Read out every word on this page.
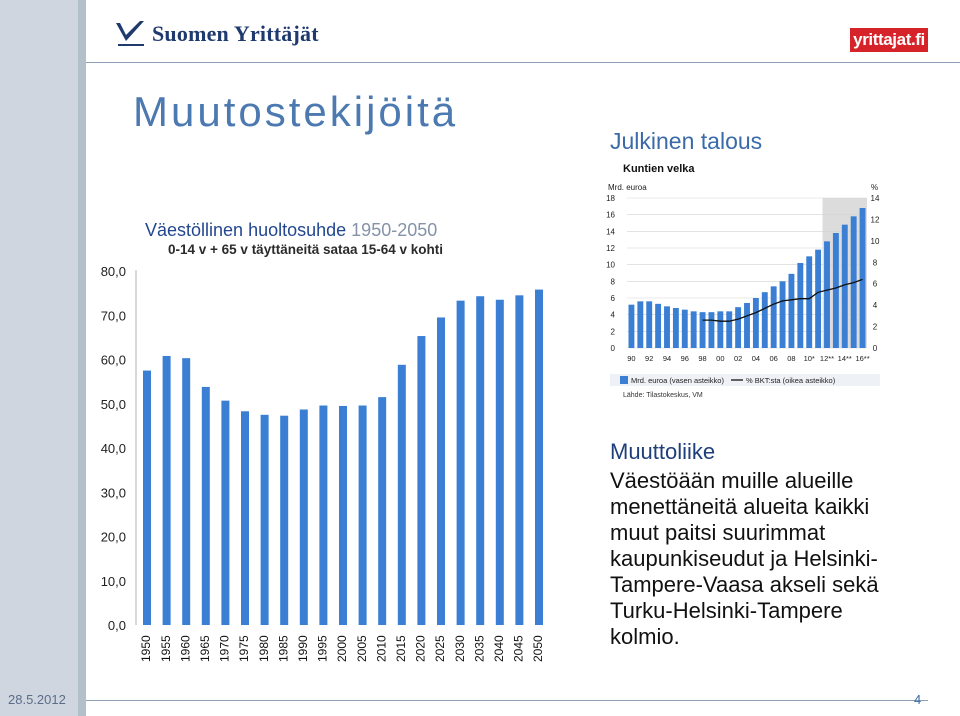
Suomen Yrittäjät	yrittajat.fi
Muutostekijöitä
Julkinen talous
Kuntien velka
Mrd. euroa	%
0
2
4
6
8
10
12
14
16
18
0
2
4
6
8
10
12
14
90 92 94 96 98 00 02 04 06 08 10* 12** 14** 16**
Mrd. euroa (vasen asteikko)	% BKT:sta (oikea asteikko)
Lähde: Tilastokeskus, VM
Väestöllinen huoltosuhde 1950-2050
0-14 v + 65 v täyttäneitä sataa 15-64 v kohti
0,0
10,0
20,0
30,0
40,0
50,0
60,0
70,0
80,0
1950 1955 1960 1965 1970 1975 1980 1985 1990 1995 2000 2005 2010 2015 2020 2025 2030 2035 2040 2045 2050
Muuttoliike
Väestöään muille alueille
menettäneitä alueita kaikki
muut paitsi suurimmat
kaupunkiseudut ja Helsinki-
Tampere-Vaasa akseli sekä
Turku-Helsinki-Tampere
kolmio.
28.5.2012	4
